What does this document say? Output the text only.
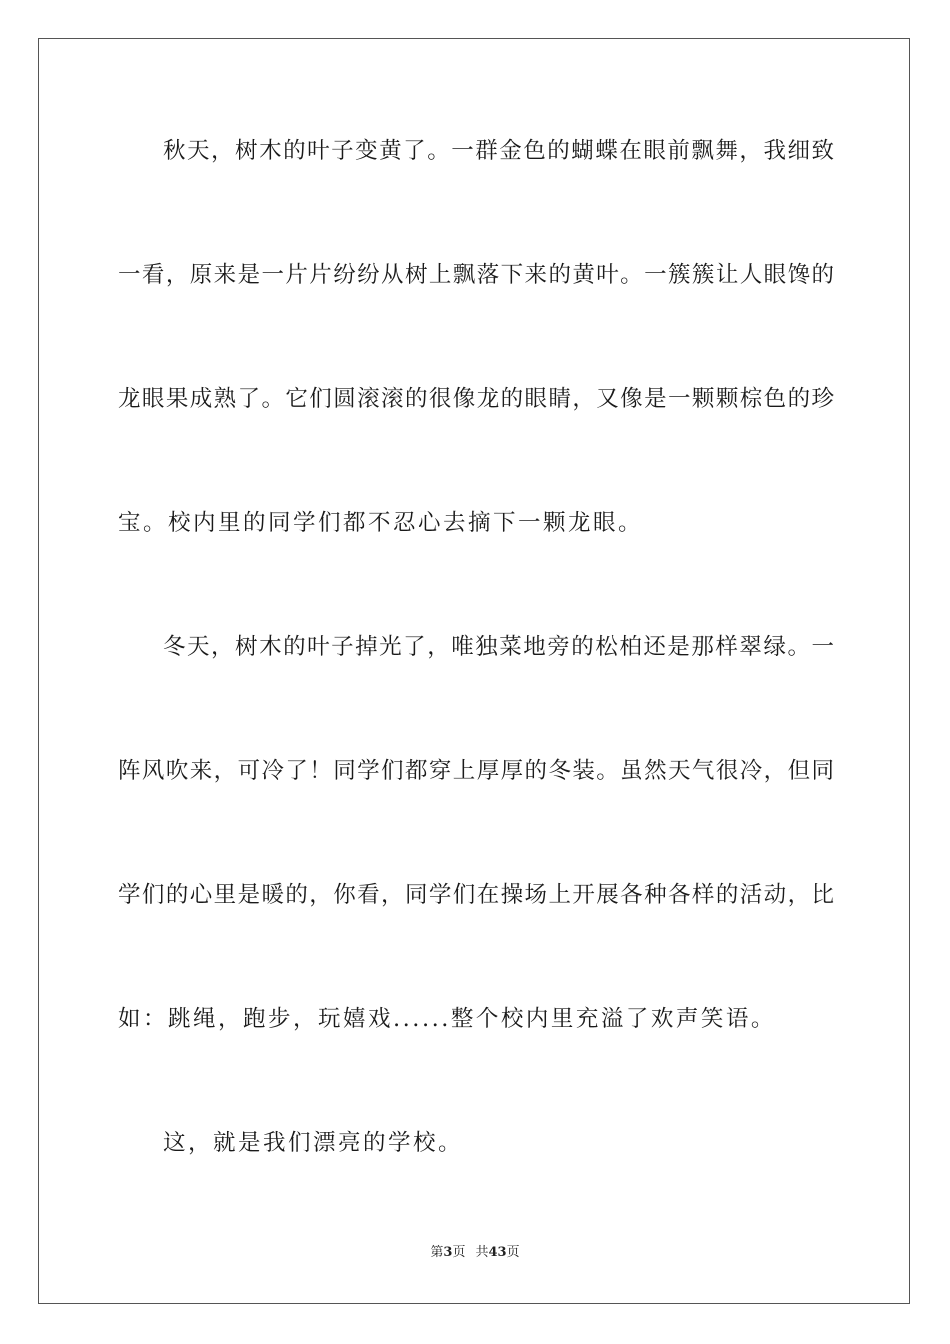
秋天，树木的叶子变黄了。一群金色的蝴蝶在眼前飘舞，我细致
一看，原来是一片片纷纷从树上飘落下来的黄叶。一簇簇让人眼馋的
龙眼果成熟了。它们圆滚滚的很像龙的眼睛，又像是一颗颗棕色的珍
宝。校内里的同学们都不忍心去摘下一颗龙眼。
冬天，树木的叶子掉光了，唯独菜地旁的松柏还是那样翠绿。一
阵风吹来，可冷了！同学们都穿上厚厚的冬装。虽然天气很冷，但同
学们的心里是暖的，你看，同学们在操场上开展各种各样的活动，比
如：跳绳，跑步，玩嬉戏......整个校内里充溢了欢声笑语。
这，就是我们漂亮的学校。
第3页 共43页
